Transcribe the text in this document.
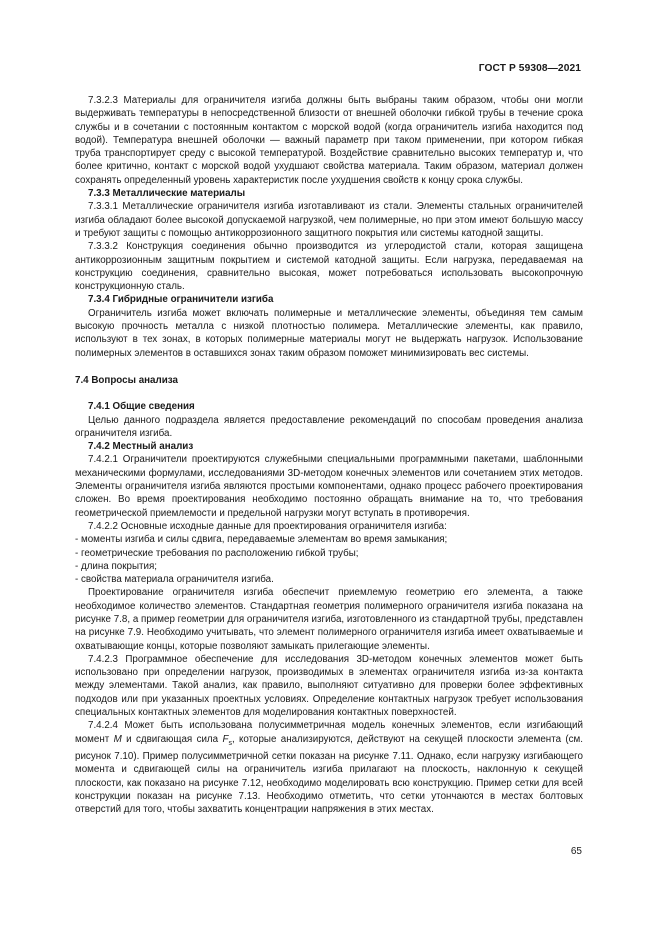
ГОСТ Р 59308—2021

7.3.2.3 Материалы для ограничителя изгиба должны быть выбраны таким образом, чтобы они могли выдерживать температуры в непосредственной близости от внешней оболочки гибкой трубы в течение срока службы и в сочетании с постоянным контактом с морской водой (когда ограничитель изгиба находится под водой). Температура внешней оболочки — важный параметр при таком применении, при котором гибкая труба транспортирует среду с высокой температурой. Воздействие сравнительно высоких температур и, что более критично, контакт с морской водой ухудшают свойства материала. Таким образом, материал должен сохранять определенный уровень характеристик после ухудшения свойств к концу срока службы.

7.3.3 Металлические материалы

7.3.3.1 Металлические ограничителя изгиба изготавливают из стали. Элементы стальных ограничителей изгиба обладают более высокой допускаемой нагрузкой, чем полимерные, но при этом имеют большую массу и требуют защиты с помощью антикоррозионного защитного покрытия или системы катодной защиты.

7.3.3.2 Конструкция соединения обычно производится из углеродистой стали, которая защищена антикоррозионным защитным покрытием и системой катодной защиты. Если нагрузка, передаваемая на конструкцию соединения, сравнительно высокая, может потребоваться использовать высокопрочную конструкционную сталь.

7.3.4 Гибридные ограничители изгиба

Ограничитель изгиба может включать полимерные и металлические элементы, объединяя тем самым высокую прочность металла с низкой плотностью полимера. Металлические элементы, как правило, используют в тех зонах, в которых полимерные материалы могут не выдержать нагрузок. Использование полимерных элементов в оставшихся зонах таким образом поможет минимизировать вес системы.

7.4 Вопросы анализа

7.4.1 Общие сведения

Целью данного подраздела является предоставление рекомендаций по способам проведения анализа ограничителя изгиба.

7.4.2 Местный анализ

7.4.2.1 Ограничители проектируются служебными специальными программными пакетами, шаблонными механическими формулами, исследованиями 3D-методом конечных элементов или сочетанием этих методов. Элементы ограничителя изгиба являются простыми компонентами, однако процесс рабочего проектирования сложен. Во время проектирования необходимо постоянно обращать внимание на то, что требования геометрической приемлемости и предельной нагрузки могут вступать в противоречия.

7.4.2.2 Основные исходные данные для проектирования ограничителя изгиба:

- моменты изгиба и силы сдвига, передаваемые элементам во время замыкания;

- геометрические требования по расположению гибкой трубы;

- длина покрытия;

- свойства материала ограничителя изгиба.

Проектирование ограничителя изгиба обеспечит приемлемую геометрию его элемента, а также необходимое количество элементов. Стандартная геометрия полимерного ограничителя изгиба показана на рисунке 7.8, а пример геометрии для ограничителя изгиба, изготовленного из стандартной трубы, представлен на рисунке 7.9. Необходимо учитывать, что элемент полимерного ограничителя изгиба имеет охватываемые и охватывающие концы, которые позволяют замыкать прилегающие элементы.

7.4.2.3 Программное обеспечение для исследования 3D-методом конечных элементов может быть использовано при определении нагрузок, производимых в элементах ограничителя изгиба из-за контакта между элементами. Такой анализ, как правило, выполняют ситуативно для проверки более эффективных подходов или при указанных проектных условиях. Определение контактных нагрузок требует использования специальных контактных элементов для моделирования контактных поверхностей.

7.4.2.4 Может быть использована полусимметричная модель конечных элементов, если изгибающий момент M и сдвигающая сила $F_s$, которые анализируются, действуют на секущей плоскости элемента (см. рисунок 7.10). Пример полусимметричной сетки показан на рисунке 7.11. Однако, если нагрузку изгибающего момента и сдвигающей силы на ограничитель изгиба прилагают на плоскость, наклонную к секущей плоскости, как показано на рисунке 7.12, необходимо моделировать всю конструкцию. Пример сетки для всей конструкции показан на рисунке 7.13. Необходимо отметить, что сетки утончаются в местах болтовых отверстий для того, чтобы захватить концентрации напряжения в этих местах.

65
